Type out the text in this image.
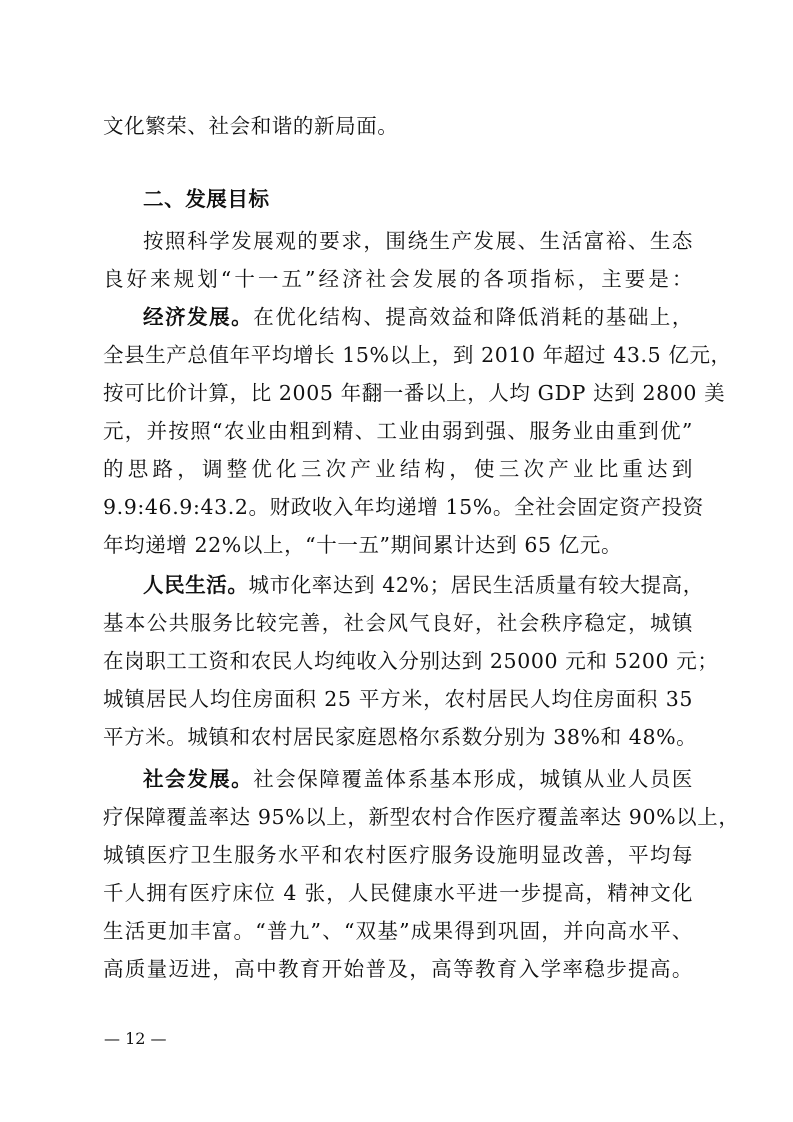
文化繁荣、社会和谐的新局面。
二、发展目标
按照科学发展观的要求，围绕生产发展、生活富裕、生态
良好来规划“十一五”经济社会发展的各项指标，主要是：
经济发展。在优化结构、提高效益和降低消耗的基础上，
全县生产总值年平均增长 15%以上，到 2010 年超过 43.5 亿元，
按可比价计算，比 2005 年翻一番以上，人均 GDP 达到 2800 美
元，并按照“农业由粗到精、工业由弱到强、服务业由重到优”
的思路，调整优化三次产业结构，使三次产业比重达到
9.9:46.9:43.2。财政收入年均递增 15%。全社会固定资产投资
年均递增 22%以上，“十一五”期间累计达到 65 亿元。
人民生活。城市化率达到 42%；居民生活质量有较大提高，
基本公共服务比较完善，社会风气良好，社会秩序稳定，城镇
在岗职工工资和农民人均纯收入分别达到 25000 元和 5200 元；
城镇居民人均住房面积 25 平方米，农村居民人均住房面积 35
平方米。城镇和农村居民家庭恩格尔系数分别为 38%和 48%。
社会发展。社会保障覆盖体系基本形成，城镇从业人员医
疗保障覆盖率达 95%以上，新型农村合作医疗覆盖率达 90%以上，
城镇医疗卫生服务水平和农村医疗服务设施明显改善，平均每
千人拥有医疗床位 4 张，人民健康水平进一步提高，精神文化
生活更加丰富。“普九”、“双基”成果得到巩固，并向高水平、
高质量迈进，高中教育开始普及，高等教育入学率稳步提高。
— 12 —
